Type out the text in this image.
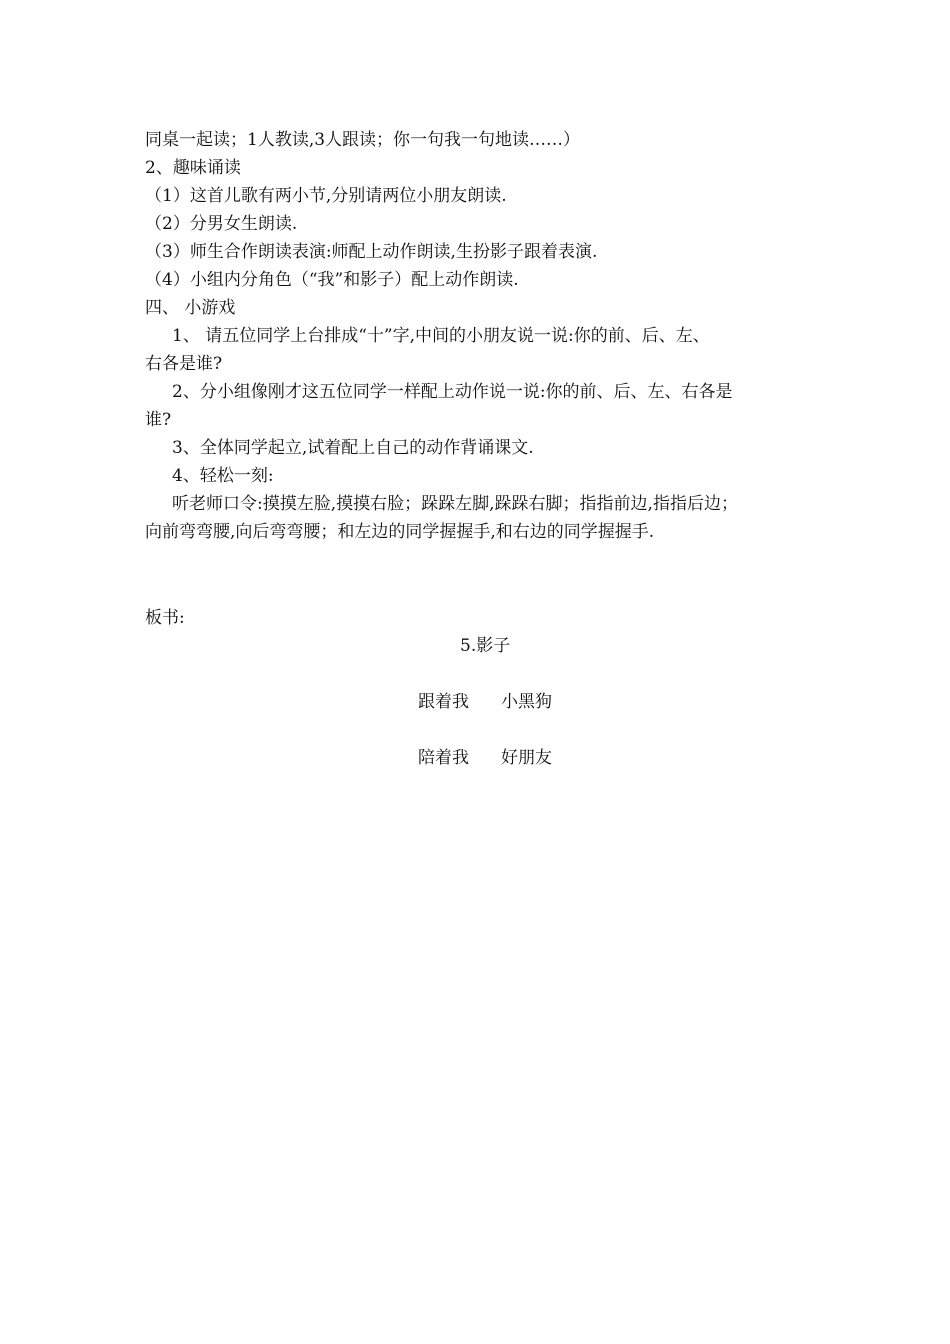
同桌一起读；1人教读,3人跟读；你一句我一句地读……）
2、趣味诵读
（1）这首儿歌有两小节,分别请两位小朋友朗读.
（2）分男女生朗读.
（3）师生合作朗读表演:师配上动作朗读,生扮影子跟着表演.
（4）小组内分角色（“我”和影子）配上动作朗读.
四、 小游戏
1、 请五位同学上台排成“十”字,中间的小朋友说一说:你的前、后、左、
右各是谁?
2、分小组像刚才这五位同学一样配上动作说一说:你的前、后、左、右各是
谁?
3、全体同学起立,试着配上自己的动作背诵课文.
4、轻松一刻:
听老师口令:摸摸左脸,摸摸右脸；跺跺左脚,跺跺右脚；指指前边,指指后边；
向前弯弯腰,向后弯弯腰；和左边的同学握握手,和右边的同学握握手.
板书:
5.影子
跟着我 小黑狗
陪着我 好朋友
